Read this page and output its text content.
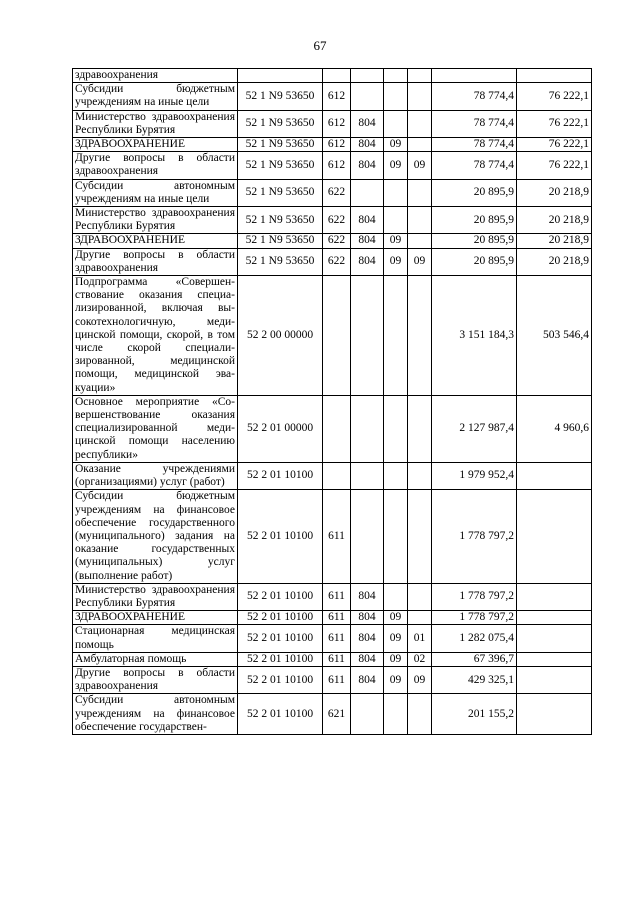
67
здравоохранения							
Субсидии бюджетным учреждениям на иные цели	52 1 N9 53650	612				78 774,4	76 222,1
Министерство здравоохранения Республики Бурятия	52 1 N9 53650	612	804			78 774,4	76 222,1
ЗДРАВООХРАНЕНИЕ	52 1 N9 53650	612	804	09		78 774,4	76 222,1
Другие вопросы в области здравоохранения	52 1 N9 53650	612	804	09	09	78 774,4	76 222,1
Субсидии автономным учреждениям на иные цели	52 1 N9 53650	622				20 895,9	20 218,9
Министерство здравоохранения Республики Бурятия	52 1 N9 53650	622	804			20 895,9	20 218,9
ЗДРАВООХРАНЕНИЕ	52 1 N9 53650	622	804	09		20 895,9	20 218,9
Другие вопросы в области здравоохранения	52 1 N9 53650	622	804	09	09	20 895,9	20 218,9
Подпрограмма «Совершенствование оказания специализированной, включая высокотехнологичную, медицинской помощи, скорой, в том числе скорой специализированной, медицинской помощи, медицинской эвакуации»	52 2 00 00000					3 151 184,3	503 546,4
Основное мероприятие «Совершенствование оказания специализированной медицинской помощи населению республики»	52 2 01 00000					2 127 987,4	4 960,6
Оказание учреждениями (организациями) услуг (работ)	52 2 01 10100					1 979 952,4	
Субсидии бюджетным учреждениям на финансовое обеспечение государственного (муниципального) задания на оказание государственных (муниципальных) услуг (выполнение работ)	52 2 01 10100	611				1 778 797,2	
Министерство здравоохранения Республики Бурятия	52 2 01 10100	611	804			1 778 797,2	
ЗДРАВООХРАНЕНИЕ	52 2 01 10100	611	804	09		1 778 797,2	
Стационарная медицинская помощь	52 2 01 10100	611	804	09	01	1 282 075,4	
Амбулаторная помощь	52 2 01 10100	611	804	09	02	67 396,7	
Другие вопросы в области здравоохранения	52 2 01 10100	611	804	09	09	429 325,1	
Субсидии автономным учреждениям на финансовое обеспечение государствен-	52 2 01 10100	621				201 155,2	
